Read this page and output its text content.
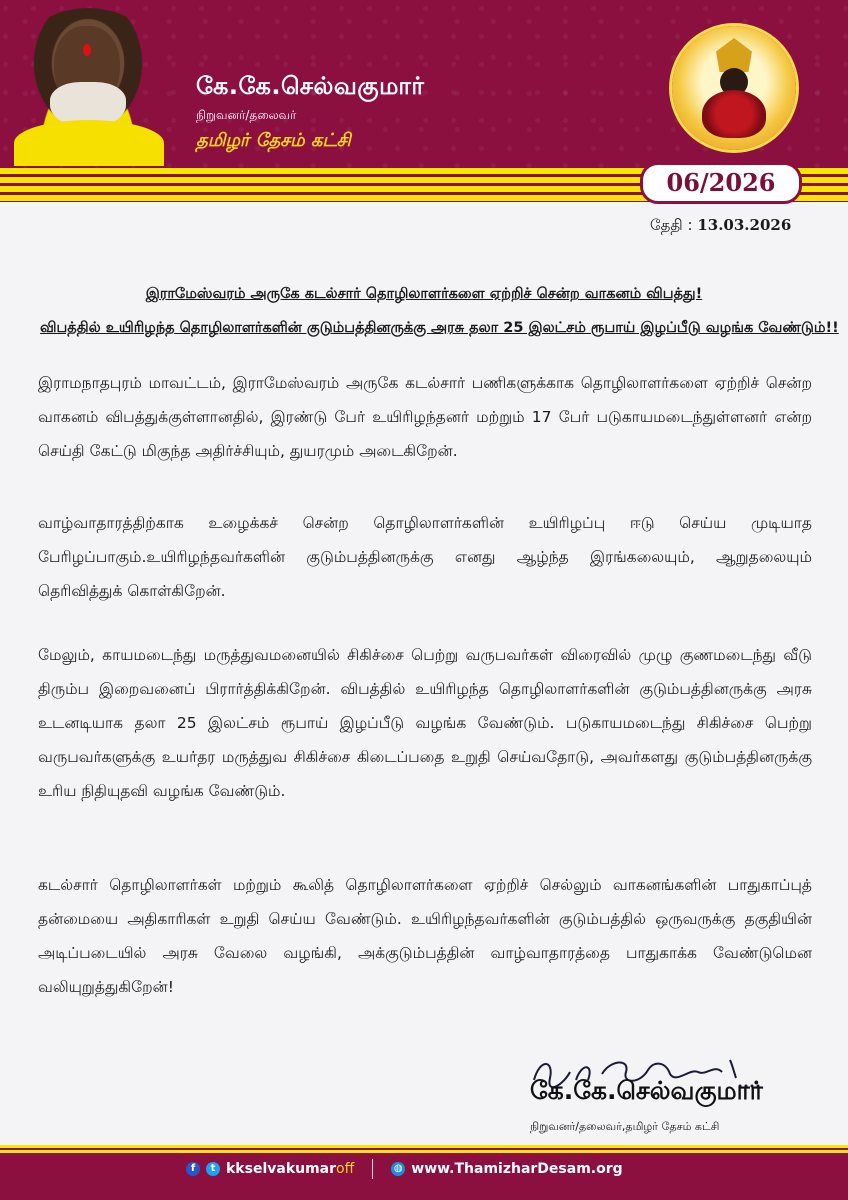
கே.கே.செல்வகுமார்
நிறுவனர்/தலைவர்
தமிழர் தேசம் கட்சி
06/2026
தேதி : 13.03.2026
இராமேஸ்வரம் அருகே கடல்சார் தொழிலாளர்களை ஏற்றிச் சென்ற வாகனம் விபத்து!
விபத்தில் உயிரிழந்த தொழிலாளர்களின் குடும்பத்தினருக்கு அரசு தலா 25 இலட்சம் ரூபாய் இழப்பீடு வழங்க வேண்டும்!!
இராமநாதபுரம் மாவட்டம், இராமேஸ்வரம் அருகே கடல்சார் பணிகளுக்காக தொழிலாளர்களை ஏற்றிச் சென்ற வாகனம் விபத்துக்குள்ளானதில், இரண்டு பேர் உயிரிழந்தனர் மற்றும் 17 பேர் படுகாயமடைந்துள்ளனர் என்ற செய்தி கேட்டு மிகுந்த அதிர்ச்சியும், துயரமும் அடைகிறேன்.
வாழ்வாதாரத்திற்காக உழைக்கச் சென்ற தொழிலாளர்களின் உயிரிழப்பு ஈடு செய்ய முடியாத பேரிழப்பாகும்.உயிரிழந்தவர்களின் குடும்பத்தினருக்கு எனது ஆழ்ந்த இரங்கலையும், ஆறுதலையும் தெரிவித்துக் கொள்கிறேன்.
மேலும், காயமடைந்து மருத்துவமனையில் சிகிச்சை பெற்று வருபவர்கள் விரைவில் முழு குணமடைந்து வீடு திரும்ப இறைவனைப் பிரார்த்திக்கிறேன். விபத்தில் உயிரிழந்த தொழிலாளர்களின் குடும்பத்தினருக்கு அரசு உடனடியாக தலா 25 இலட்சம் ரூபாய் இழப்பீடு வழங்க வேண்டும். படுகாயமடைந்து சிகிச்சை பெற்று வருபவர்களுக்கு உயர்தர மருத்துவ சிகிச்சை கிடைப்பதை உறுதி செய்வதோடு, அவர்களது குடும்பத்தினருக்கு உரிய நிதியுதவி வழங்க வேண்டும்.
கடல்சார் தொழிலாளர்கள் மற்றும் கூலித் தொழிலாளர்களை ஏற்றிச் செல்லும் வாகனங்களின் பாதுகாப்புத் தன்மையை அதிகாரிகள் உறுதி செய்ய வேண்டும். உயிரிழந்தவர்களின் குடும்பத்தில் ஒருவருக்கு தகுதியின் அடிப்படையில் அரசு வேலை வழங்கி, அக்குடும்பத்தின் வாழ்வாதாரத்தை பாதுகாக்க வேண்டுமென வலியுறுத்துகிறேன்!
கே.கே.செல்வகுமார்
நிறுவனர்/தலைவர்,தமிழர் தேசம் கட்சி
f	t kkselvakumaroff	◍ www.ThamizharDesam.org
